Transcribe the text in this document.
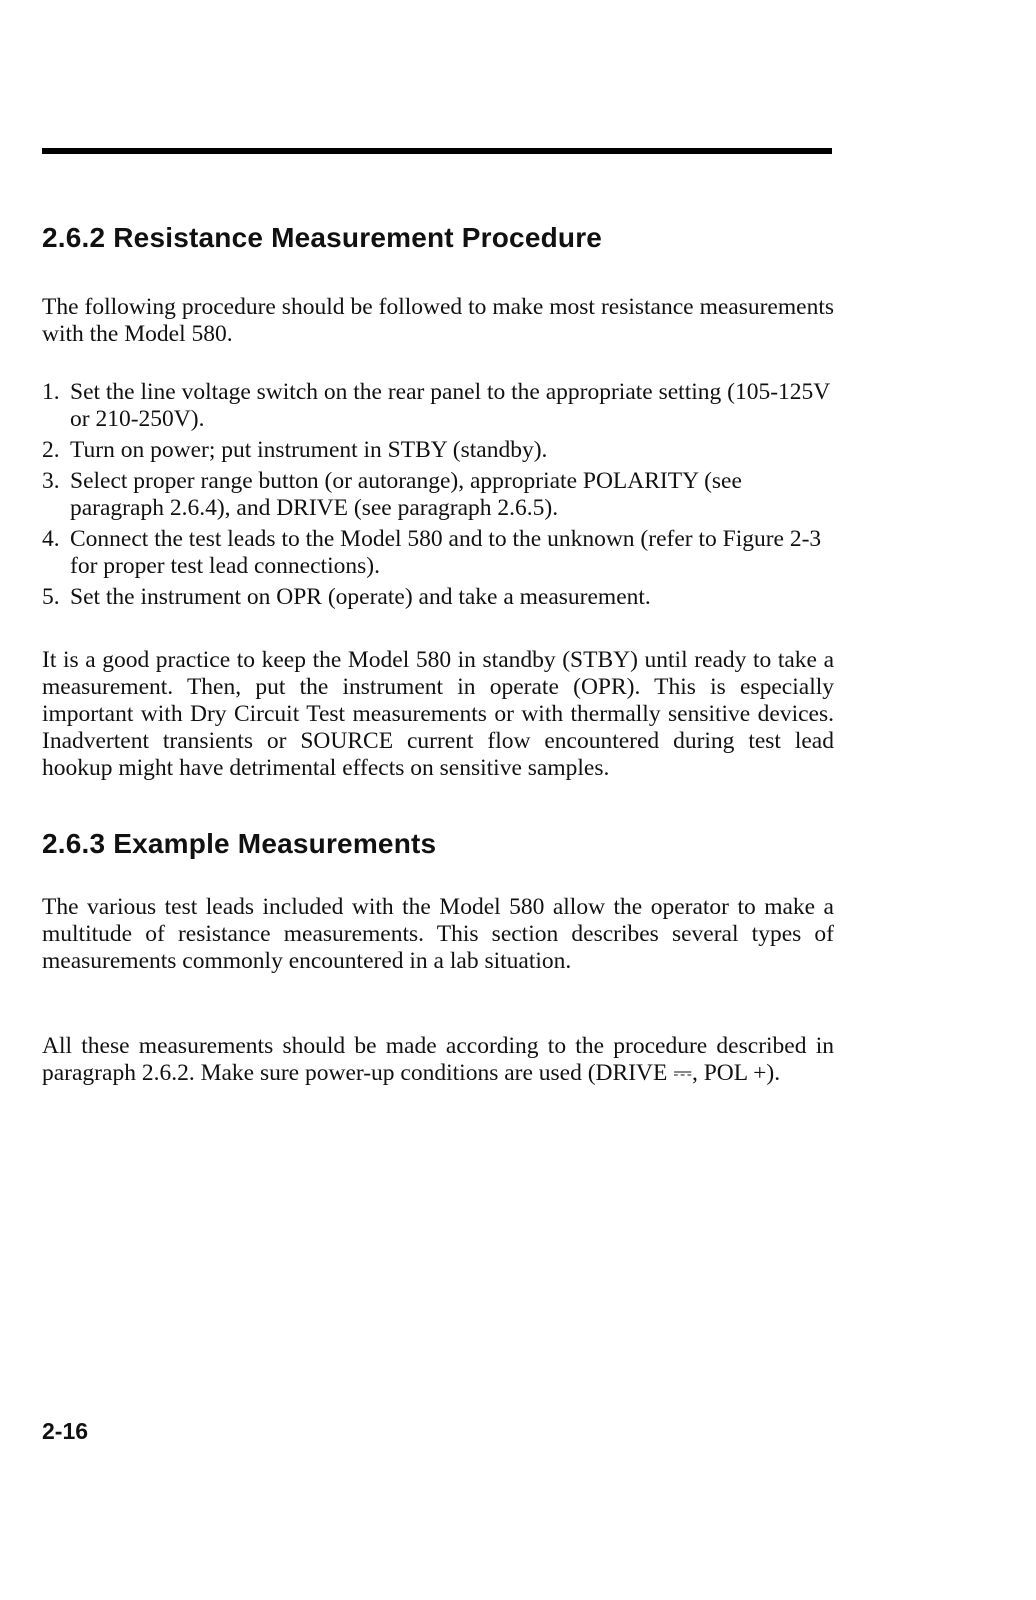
2.6.2 Resistance Measurement Procedure

The following procedure should be followed to make most resistance measurements with the Model 580.

1. Set the line voltage switch on the rear panel to the appropriate setting (105-125V or 210-250V).
2. Turn on power; put instrument in STBY (standby).
3. Select proper range button (or autorange), appropriate POLARITY (see paragraph 2.6.4), and DRIVE (see paragraph 2.6.5).
4. Connect the test leads to the Model 580 and to the unknown (refer to Figure 2-3 for proper test lead connections).
5. Set the instrument on OPR (operate) and take a measurement.

It is a good practice to keep the Model 580 in standby (STBY) until ready to take a measurement. Then, put the instrument in operate (OPR). This is especially important with Dry Circuit Test measurements or with thermally sensitive devices. Inadvertent transients or SOURCE current flow encountered during test lead hookup might have detrimental effects on sensitive samples.

2.6.3 Example Measurements

The various test leads included with the Model 580 allow the operator to make a multitude of resistance measurements. This section describes several types of measurements commonly encountered in a lab situation.

All these measurements should be made according to the procedure described in paragraph 2.6.2. Make sure power-up conditions are used (DRIVE ⎓, POL +).

2-16
